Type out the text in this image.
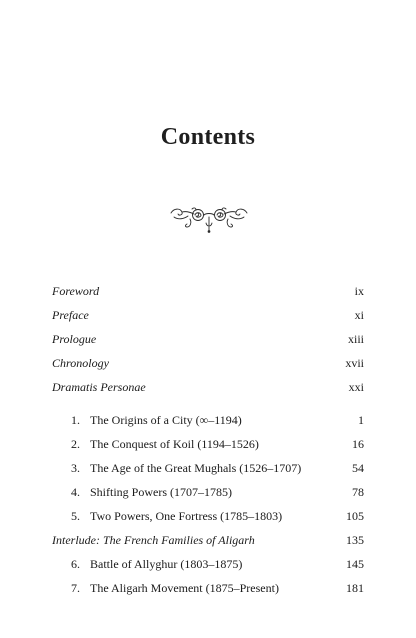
Contents
Foreword	ix
Preface	xi
Prologue	xiii
Chronology	xvii
Dramatis Personae	xxi
1. The Origins of a City (∞–1194)	1
2. The Conquest of Koil (1194–1526)	16
3. The Age of the Great Mughals (1526–1707)	54
4. Shifting Powers (1707–1785)	78
5. Two Powers, One Fortress (1785–1803)	105
Interlude: The French Families of Aligarh	135
6. Battle of Allyghur (1803–1875)	145
7. The Aligarh Movement (1875–Present)	181
